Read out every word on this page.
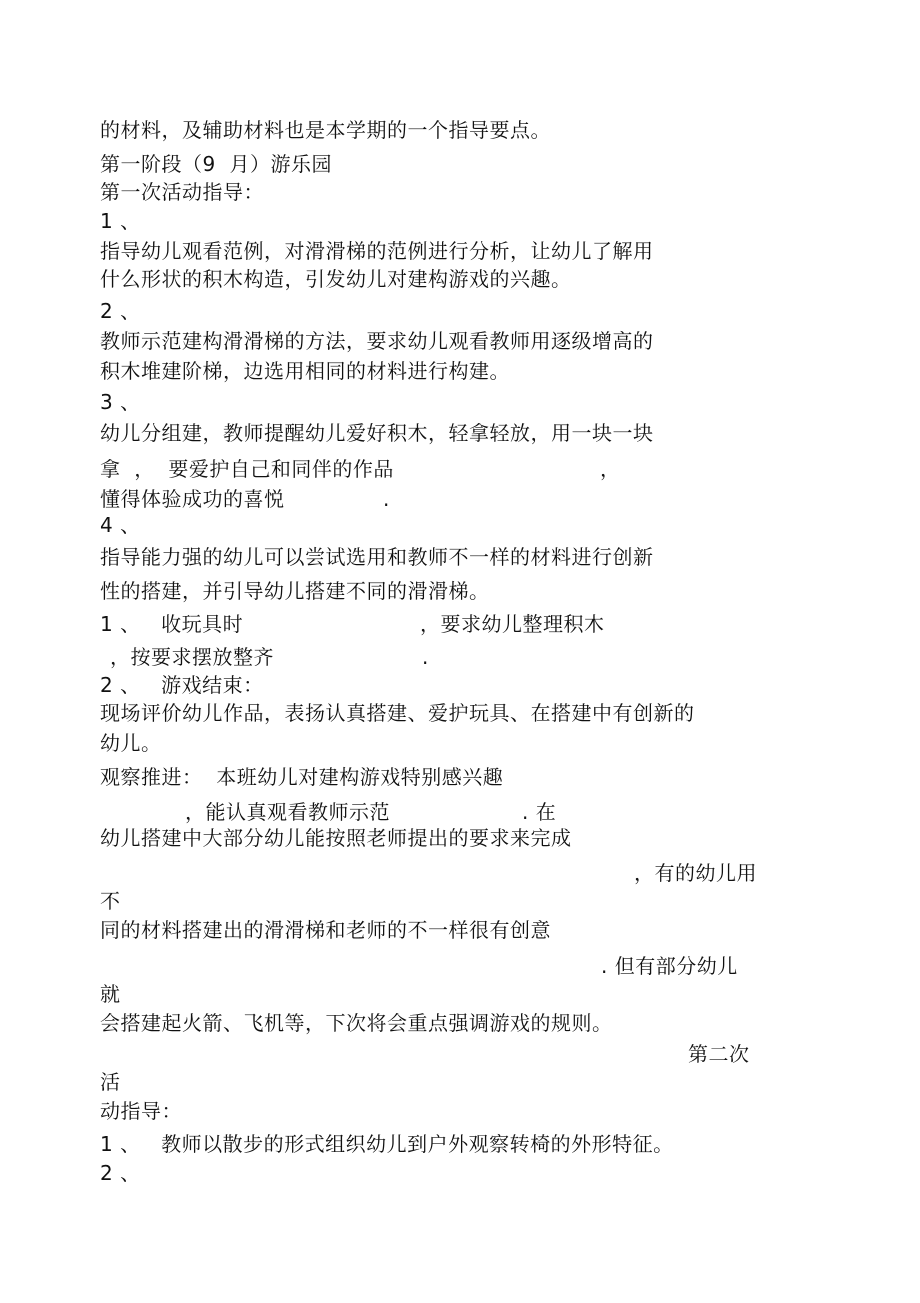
的材料，及辅助材料也是本学期的一个指导要点。
第一阶段（9  月）游乐园
第一次活动指导：
1 、
指导幼儿观看范例，对滑滑梯的范例进行分析，让幼儿了解用
什么形状的积木构造，引发幼儿对建构游戏的兴趣。
2 、
教师示范建构滑滑梯的方法，要求幼儿观看教师用逐级增高的
积木堆建阶梯，边选用相同的材料进行构建。
3 、
幼儿分组建，教师提醒幼儿爱好积木，轻拿轻放，用一块一块
拿  ，  要爱护自己和同伴的作品	，
懂得体验成功的喜悦	.
4 、
指导能力强的幼儿可以尝试选用和教师不一样的材料进行创新
性的搭建，并引导幼儿搭建不同的滑滑梯。
1 、   收玩具时	，要求幼儿整理积木
，按要求摆放整齐	.
2 、   游戏结束：
现场评价幼儿作品，表扬认真搭建、爱护玩具、在搭建中有创新的
幼儿。
观察推进：  本班幼儿对建构游戏特别感兴趣
，能认真观看教师示范	. 在
幼儿搭建中大部分幼儿能按照老师提出的要求来完成
，有的幼儿用
不
同的材料搭建出的滑滑梯和老师的不一样很有创意
. 但有部分幼儿
就
会搭建起火箭、飞机等，下次将会重点强调游戏的规则。
第二次
活
动指导：
1 、   教师以散步的形式组织幼儿到户外观察转椅的外形特征。
2 、
